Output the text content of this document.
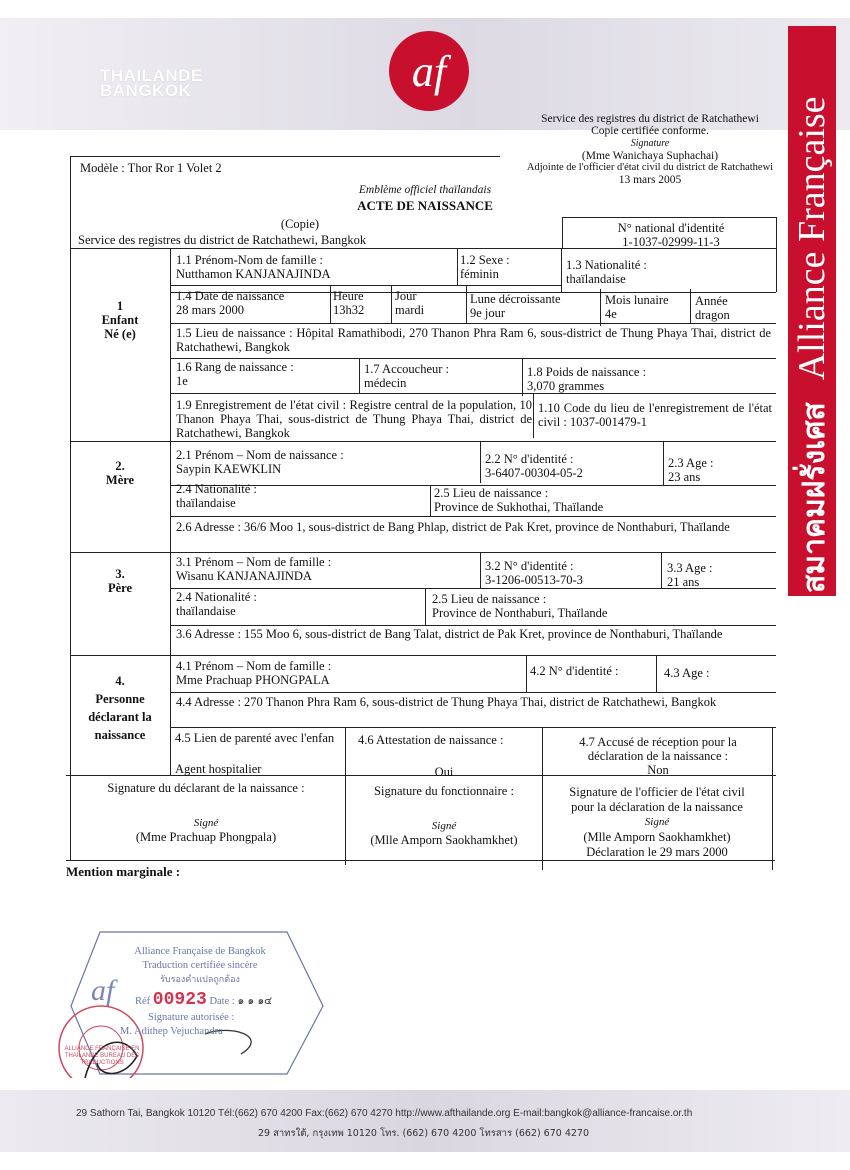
THAILANDE
BANGKOK	af
สมาคมฝรั่งเศสAlliance Française
Service des registres du district de Ratchathewi
Copie certifiée conforme.
Signature
(Mme Wanichaya Suphachai)
Adjointe de l'officier d'état civil du district de Ratchathewi
13 mars 2005
Modèle : Thor Ror 1 Volet 2
Emblème officiel thaïlandais
ACTE DE NAISSANCE
(Copie)
Service des registres du district de Ratchathewi, Bangkok
N° national d'identité
1-1037-02999-11-3
1
Enfant
Né (e)
2.
Mère
3.
Père
4.
Personne
déclarant la
naissance
1.1 Prénom-Nom de famille :
Nutthamon KANJANAJINDA
1.2 Sexe :
féminin
1.3 Nationalité :
thaïlandaise
1.4 Date de naissance
28 mars 2000
Heure
13h32
Jour
mardi
Lune décroissante
9e jour
Mois lunaire
4e
Année
dragon
1.5 Lieu de naissance : Hôpital Ramathibodi, 270 Thanon Phra Ram 6, sous-district de Thung Phaya Thai, district de Ratchathewi, Bangkok
1.6 Rang de naissance :
1e
1.7 Accoucheur :
médecin
1.8 Poids de naissance :
3,070 grammes
1.9 Enregistrement de l'état civil : Registre central de la population, 10 Thanon Phaya Thai, sous-district de Thung Phaya Thai, district de Ratchathewi, Bangkok
1.10 Code du lieu de l'enregistrement de l'état civil : 1037-001479-1
2.1 Prénom – Nom de naissance :
Saypin KAEWKLIN
2.2 N° d'identité :
3-6407-00304-05-2
2.3 Age :
23 ans
2.4 Nationalité :
thaïlandaise
2.5 Lieu de naissance :
Province de Sukhothai, Thaïlande
2.6 Adresse : 36/6 Moo 1, sous-district de Bang Phlap, district de Pak Kret, province de Nonthaburi, Thaïlande
3.1 Prénom – Nom de famille :
Wisanu KANJANAJINDA
3.2 N° d'identité :
3-1206-00513-70-3
3.3 Age :
21 ans
2.4 Nationalité :
thaïlandaise
2.5 Lieu de naissance :
Province de Nonthaburi, Thaïlande
3.6 Adresse : 155 Moo 6, sous-district de Bang Talat, district de Pak Kret, province de Nonthaburi, Thaïlande
4.1 Prénom – Nom de famille :
Mme Prachuap PHONGPALA
4.2 N° d'identité :	4.3 Age :
4.4 Adresse : 270 Thanon Phra Ram 6, sous-district de Thung Phaya Thai, district de Ratchathewi, Bangkok
4.5 Lien de parenté avec l'enfan
Agent hospitalier
4.6 Attestation de naissance :
Oui
4.7 Accusé de réception pour la
déclaration de la naissance :
Non
Signature du déclarant de la naissance :
Signé
(Mme Prachuap Phongpala)
Signature du fonctionnaire :
Signé
(Mlle Amporn Saokhamkhet)
Signature de l'officier de l'état civil
pour la déclaration de la naissance
Signé
(Mlle Amporn Saokhamkhet)
Déclaration le 29 mars 2000
Mention marginale :
af
Alliance Française de Bangkok
Traduction certifiée sincère
รับรองคำแปลถูกต้อง
Réf 00923 Date : ๑ ๑ ๑๔
Signature autorisée :
M. Adithep Vejuchandra
ALLIANCE FRANÇAISE EN THAÏLANDE BUREAU DES TRADUCTIONS
29 Sathorn Tai, Bangkok 10120 Tél:(662) 670 4200 Fax:(662) 670 4270 http://www.afthailande.org E-mail:bangkok@alliance-francaise.or.th
29 สาทรใต้, กรุงเทพ 10120 โทร. (662) 670 4200 โทรสาร (662) 670 4270
